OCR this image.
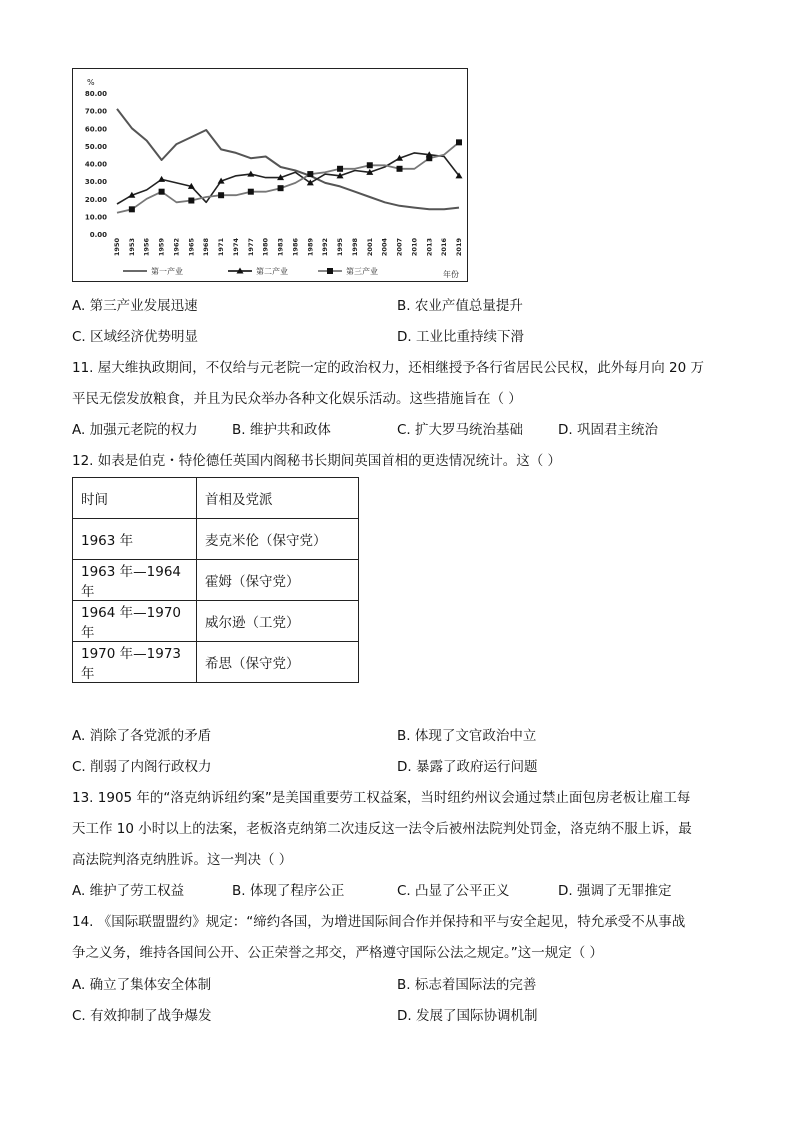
0.00
10.00
20.00
30.00
40.00
50.00
60.00
70.00
80.00
1950 1953 1956 1959 1962 1965 1968 1971 1974 1977 1980 1983 1986 1989 1992 1995 1998 2001 2004 2007 2010 2013 2016 2019
第一产业	第二产业	第三产业
%
年份
A. 第三产业发展迅速	B. 农业产值总量提升
C. 区域经济优势明显	D. 工业比重持续下滑
11. 屋大维执政期间，不仅给与元老院一定的政治权力，还相继授予各行省居民公民权，此外每月向 20 万
平民无偿发放粮食，并且为民众举办各种文化娱乐活动。这些措施旨在（ ）
A. 加强元老院的权力	B. 维护共和政体	C. 扩大罗马统治基础	D. 巩固君主统治
12. 如表是伯克・特伦德任英国内阁秘书长期间英国首相的更迭情况统计。这（ ）
时间	首相及党派
1963 年	麦克米伦（保守党）
1963 年—1964 年	霍姆（保守党）
1964 年—1970 年	威尔逊（工党）
1970 年—1973 年	希思（保守党）
A. 消除了各党派的矛盾	B. 体现了文官政治中立
C. 削弱了内阁行政权力	D. 暴露了政府运行问题
13. 1905 年的“洛克纳诉纽约案”是美国重要劳工权益案，当时纽约州议会通过禁止面包房老板让雇工每
天工作 10 小时以上的法案，老板洛克纳第二次违反这一法令后被州法院判处罚金，洛克纳不服上诉，最
高法院判洛克纳胜诉。这一判决（ ）
A. 维护了劳工权益	B. 体现了程序公正	C. 凸显了公平正义	D. 强调了无罪推定
14. 《国际联盟盟约》规定：“缔约各国，为增进国际间合作并保持和平与安全起见，特允承受不从事战
争之义务，维持各国间公开、公正荣誉之邦交，严格遵守国际公法之规定。”这一规定（ ）
A. 确立了集体安全体制	B. 标志着国际法的完善
C. 有效抑制了战争爆发	D. 发展了国际协调机制
